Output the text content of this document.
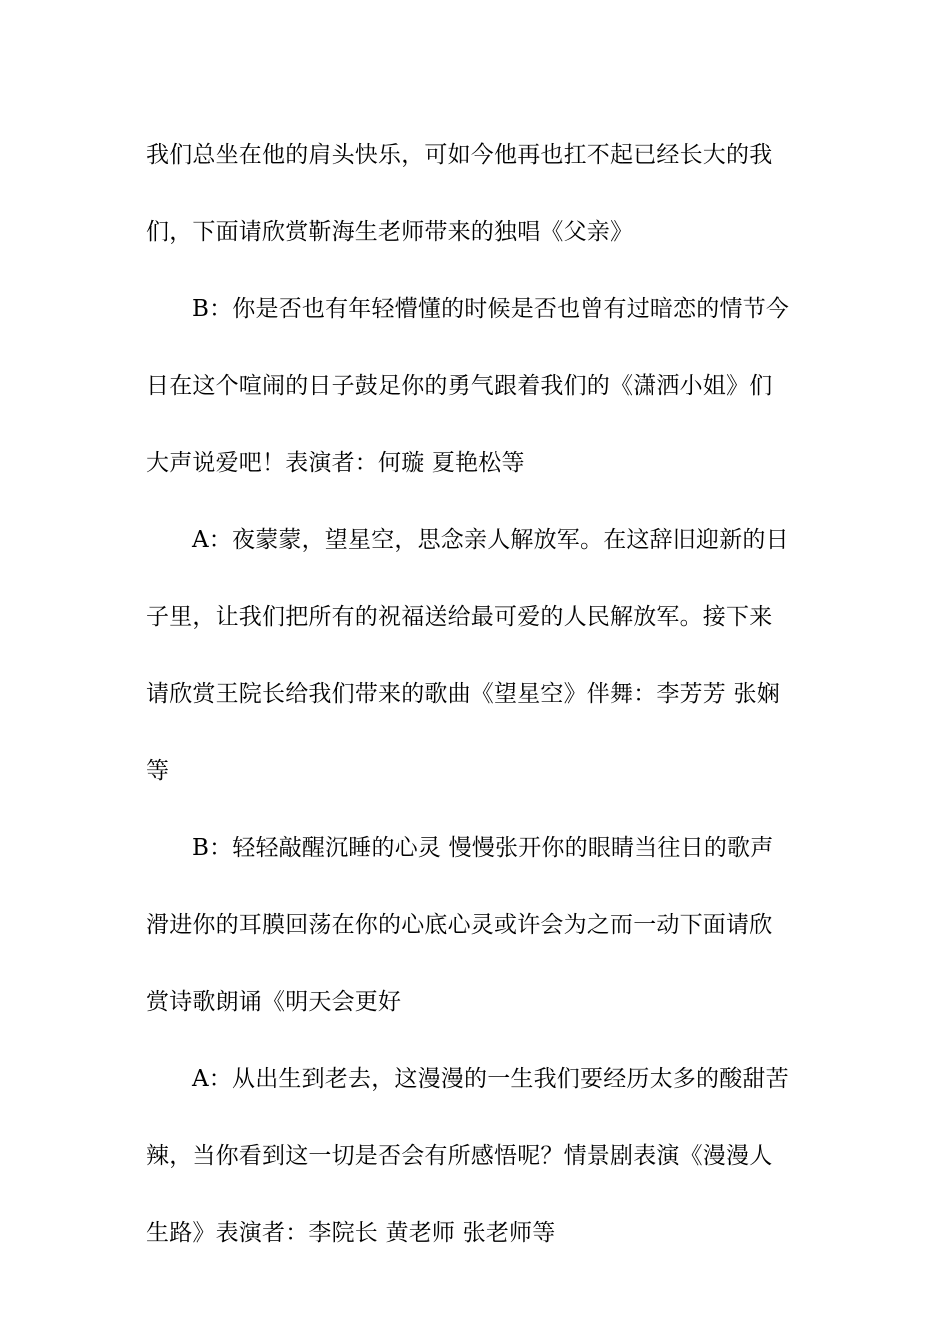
我们总坐在他的肩头快乐，可如今他再也扛不起已经长大的我
们，下面请欣赏靳海生老师带来的独唱《父亲》
B：你是否也有年轻懵懂的时候是否也曾有过暗恋的情节今
日在这个喧闹的日子鼓足你的勇气跟着我们的《潇洒小姐》们
大声说爱吧！表演者：何璇 夏艳松等
A：夜蒙蒙，望星空，思念亲人解放军。在这辞旧迎新的日
子里，让我们把所有的祝福送给最可爱的人民解放军。接下来
请欣赏王院长给我们带来的歌曲《望星空》伴舞：李芳芳 张娴
等
B：轻轻敲醒沉睡的心灵 慢慢张开你的眼睛当往日的歌声
滑进你的耳膜回荡在你的心底心灵或许会为之而一动下面请欣
赏诗歌朗诵《明天会更好
A：从出生到老去，这漫漫的一生我们要经历太多的酸甜苦
辣，当你看到这一切是否会有所感悟呢？情景剧表演《漫漫人
生路》表演者：李院长 黄老师 张老师等
